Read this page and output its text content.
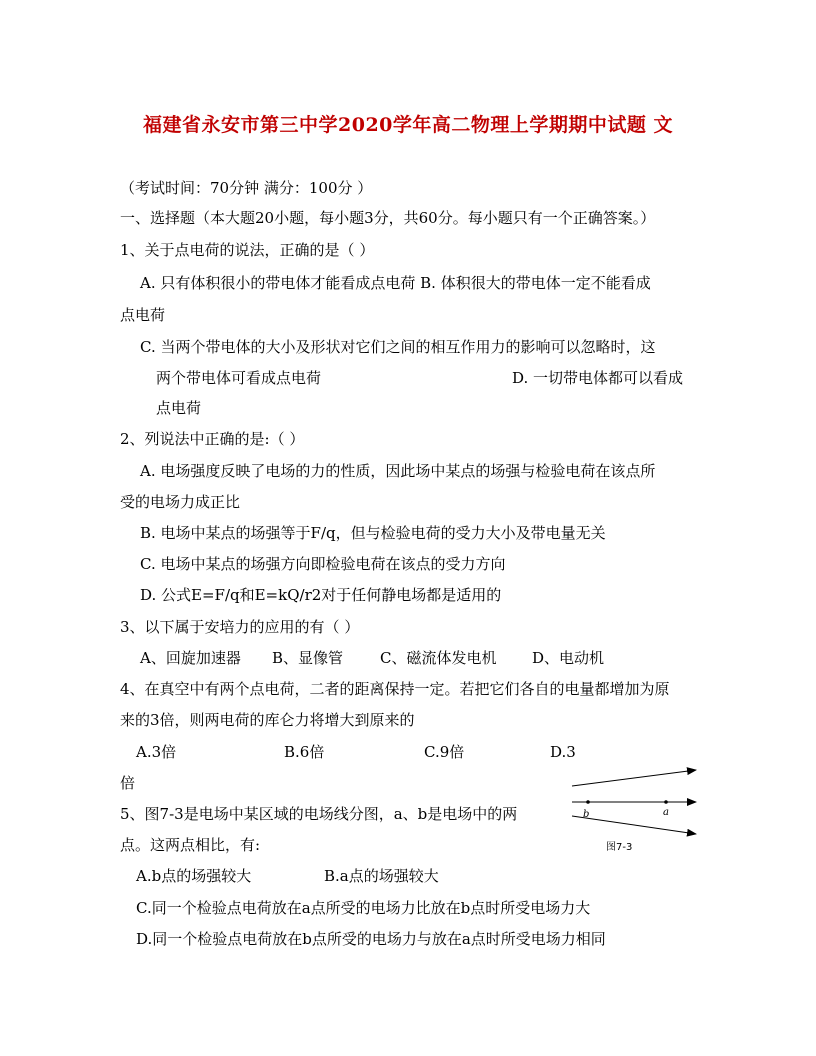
福建省永安市第三中学2020学年高二物理上学期期中试题 文
（考试时间：70分钟 满分：100分 ）
一、选择题（本大题20小题，每小题3分，共60分。每小题只有一个正确答案。）
1、关于点电荷的说法，正确的是（ ）
A. 只有体积很小的带电体才能看成点电荷 B. 体积很大的带电体一定不能看成
点电荷
C. 当两个带电体的大小及形状对它们之间的相互作用力的影响可以忽略时，这
两个带电体可看成点电荷	D. 一切带电体都可以看成
点电荷
2、列说法中正确的是:（ ）
A. 电场强度反映了电场的力的性质，因此场中某点的场强与检验电荷在该点所
受的电场力成正比
B. 电场中某点的场强等于F/q，但与检验电荷的受力大小及带电量无关
C. 电场中某点的场强方向即检验电荷在该点的受力方向
D. 公式E=F/q和E=kQ/r2对于任何静电场都是适用的
3、以下属于安培力的应用的有（ ）
A、回旋加速器 B、显像管 C、磁流体发电机 D、电动机
4、在真空中有两个点电荷，二者的距离保持一定。若把它们各自的电量都增加为原
来的3倍，则两电荷的库仑力将增大到原来的
A.3倍	B.6倍	C.9倍	D.3
倍
5、图7-3是电场中某区域的电场线分图，a、b是电场中的两
点。这两点相比，有:
A.b点的场强较大	B.a点的场强较大
C.同一个检验点电荷放在a点所受的电场力比放在b点时所受电场力大
D.同一个检验点电荷放在b点所受的电场力与放在a点时所受电场力相同
b	a
图7-3
